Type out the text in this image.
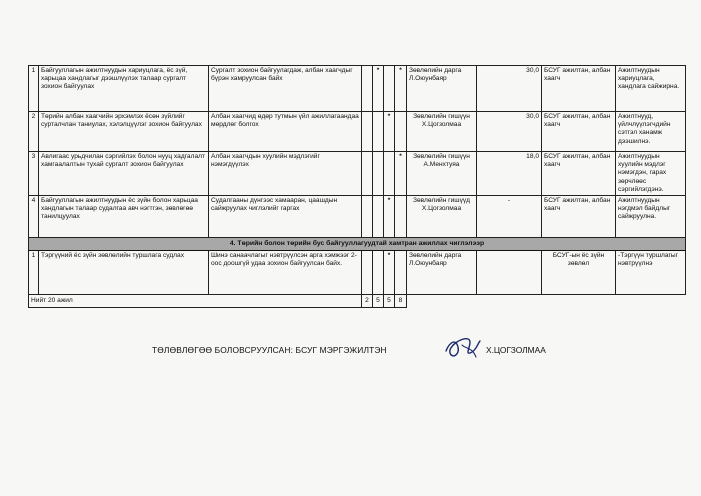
1	Байгууллагын ажилтнуудын хариуцлага, ёс зүй, харьцаа хандлагыг дээшлүүлэх талаар сургалт зохион байгуулах	Сургалт зохион байгуулагдаж, албан хаагчдыг бүрэн хамруулсан байх		*		*	Зөвлөлийн дарга Л.Оюунбаяр	30,0	БСУГ ажилтан, албан хаагч	Ажилтнуудын хариуцлага, хандлага сайжирна.
2	Төрийн албан хаагчийн эрхэмлэх ёсөн зүйлийг сурталчлан таниулах, хэлэлцүүлэг зохион байгуулах	Албан хаагчид өдөр тутмын үйл ажиллагаандаа мөрдлөг болгох			*		Зөвлөлийн гишүүн Х.Цогзолмаа	30,0	БСУГ ажилтан, албан хаагч	Ажилтнууд, үйлчлүүлэгчдийн сэтгэл ханамж дээшилнэ.
3	Авлигаас урьдчилан сэргийлэх болон нууц хадгалалт хамгаалалтын тухай сургалт зохион байгуулах	Албан хаагчдын хуулийн мэдлэгийг нэмэгдүүлэх				*	Зөвлөлийн гишүүн А.Менхтуяа	18,0	БСУГ ажилтан, албан хаагч	Ажилтнуудын хуулийн мэдлэг нэмэгдэн, гарах зөрчлөөс сэргийлэгдэнэ.
4	Байгууллагын ажилтнуудын ёс зүйн болон харьцаа хандлагын талаар судалгаа авч нэгтгэн, зөвлөгөө танилцуулах	Судалгааны дүнгээс хамааран, цаашдын сайжруулах чиглэлийг гаргах			*		Зөвлөлийн гишүүд Х.Цогзолмаа	-	БСУГ ажилтан, албан хаагч	Ажилтнуудын нэгдмэл байдлыг сайжруулна.
4. Төрийн болон төрийн бус байгууллагуудтай хамтран ажиллах чиглэлээр										
1	Тэргүүний ёс зүйн зөвлөлийн туршлага судлах	Шинэ санаачлагыг нэвтрүүлсэн арга хэмжээг 2-оос доошгүй удаа зохион байгуулсан байх.			*		Зөвлөлийн дарга Л.Оюунбаяр		БСУГ-ын ёс зүйн зөвлөл	-Тэргүүн туршлагыг нэвтрүүлнэ
Нийт 20 ажил			2	5	5	8				
ТӨЛӨВЛӨГӨӨ БОЛОВСРУУЛСАН: БСУГ МЭРГЭЖИЛТЭН	Х.ЦОГЗОЛМАА
